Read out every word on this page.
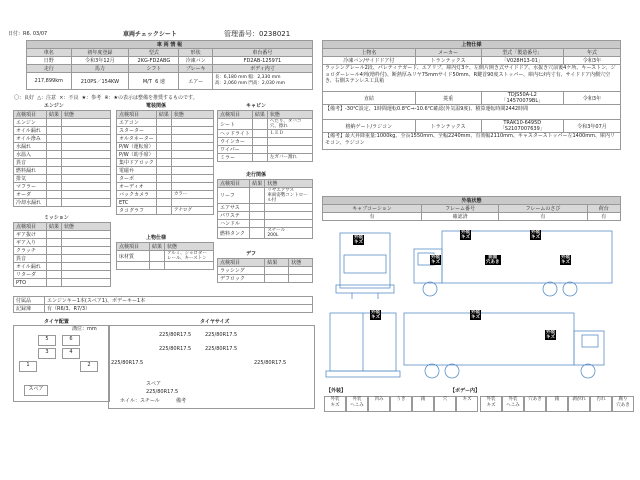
日付：R6. 03/07	車両チェックシート	管理番号：0238021
車 両 情 報				
車名	初年度登録	型式	形状	車台番号
日野	令和3年12月	2KG-FD2ABG	冷凍バン	FD2AB-125971
走行	馬力	シフト	ブレーキ	ボディ内寸
217,899km	210PS／154KW	M/T 6 速	エアー	長：6,180 mm 幅：2,330 mm
高：2,060 mm 門高：2,030 mm
〇：良好 △：注意 ×：不良 ★：参考 ※：★の表示は整備を推奨するものです。
エンジン
点検項目	結果	状態
エンジン		
オイル漏れ		
オイル滲み		
水漏れ		
水温入		
異音		
燃料漏れ		
排気		
マフラー		
オーダ		
冷却水漏れ		
ミッション
点検項目	結果	状態
ギア抜け		
ギア入り		
クラッチ		
異音		
オイル漏れ		
リターダ		
PTO		
電装関係
点検項目	結果	状態
エアコン		
スターター		
オルタネーター		
P/W（運転席）		
P/W（助手席）		
集中ドアロック		
電磁弁		
ターボ		
オーディオ		
バックカメラ		カラー
ETC		
タコグラフ		アナログ
上物仕様
点検項目	結果	状態
床材質		アルミ、ジョロダーレール、キーストン

キャビン
点検項目	結果	状態
シート		へたり、タバコ穴、擦れ
ヘッドライト		ＬＥＤ
ウインカー		
ワイパー		
ミラー		左ガバー割れ
走行関係
点検項目	結果	状態
リーフ		リヤエアサス
車両姿勢コントロール付
エアサス		
パワステ		
ハンドル		
燃料タンク		スチール
200L
デフ
点検項目	結果	状態
ラッシング		
デフロック		
付属品	エンジンキー1本(スペア1)、ボデーキー1本
記録簿	有（R6/3、R7/3）
タイヤ配置
溝位：mm
5	6
3	4
1	2
スペア
タイヤサイズ
225/80R17.5	225/80R17.5
225/80R17.5	225/80R17.5
225/80R17.5	225/80R17.5
スペア
225/80R17.5
ホイル：スチール	備考
上物仕様			
上物名	メーカー	型式「製造番号」	年式
冷凍バン/サイドドア付	トランテックス	「V028H13-01」	令和3年
ラッシングレール2段、パレティナガード、エアリブ、庫内灯3ケ、左側片開き式サイドドア、水抜き穴前後4ケ所、キーストン、ジョロダーレール4列(増枠付)、断熱厚みリヤ75mmサイド50mm、R鍵首90度ストッパー、庫内ﾓﾆﾀ内寸有、サイドドア内側穴空き、右側ステンレス工具箱			
直結	菱重	TDJS50A-L2
「14570079BL」	令和3年
【備考】-30℃設定、1時間運転0.8℃⇒-10.6℃確認(外気温9度)、積算運転時間2442時間			
格納ゲート/ラジコン	トランテックス	TRAK10-6495D
「S2107007639」	令和3年07月
【備考】最大昇降重量:1000kg、全長1550mm、全幅2240mm、有効幅2110mm、キャスターストッパー左1400mm、庫内リモコン、ラジコン			
外装状態			
キャブコーション	フレーム番号	フレームのさび	荷台
有	確認済	有	有
外装
キズ
外装
キズ
外装
キズ
外装
キズ
前面
穴あき
外装
キズ
外装
キズ
外装
キズ
外装
キズ
【外装】	【ボデー内】
外装
キズ
外装
へこみ
凹み	うき	錆	穴	キズ	外装
キズ
外装
へこみ
穴あき	錆	剥がれ	汚れ	腐り
穴あき
